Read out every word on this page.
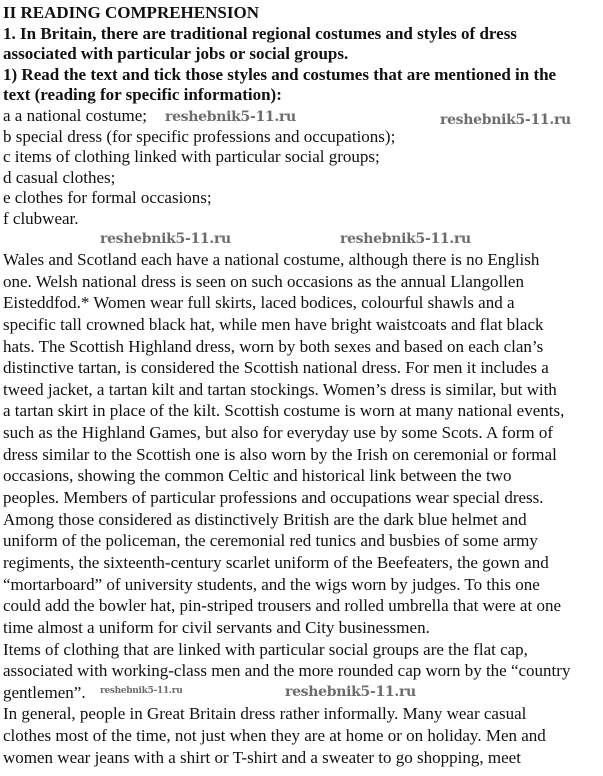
II READING COMPREHENSION
1. In Britain, there are traditional regional costumes and styles of dress
associated with particular jobs or social groups.
1) Read the text and tick those styles and costumes that are mentioned in the
text (reading for specific information):
a a national costume;
b special dress (for specific professions and occupations);
c items of clothing linked with particular social groups;
d casual clothes;
e clothes for formal occasions;
f clubwear.
Wales and Scotland each have a national costume, although there is no English
one. Welsh national dress is seen on such occasions as the annual Llangollen
Eisteddfod.* Women wear full skirts, laced bodices, colourful shawls and a
specific tall crowned black hat, while men have bright waistcoats and flat black
hats. The Scottish Highland dress, worn by both sexes and based on each clan’s
distinctive tartan, is considered the Scottish national dress. For men it includes a
tweed jacket, a tartan kilt and tartan stockings. Women’s dress is similar, but with
a tartan skirt in place of the kilt. Scottish costume is worn at many national events,
such as the Highland Games, but also for everyday use by some Scots. A form of
dress similar to the Scottish one is also worn by the Irish on ceremonial or formal
occasions, showing the common Celtic and historical link between the two
peoples. Members of particular professions and occupations wear special dress.
Among those considered as distinctively British are the dark blue helmet and
uniform of the policeman, the ceremonial red tunics and busbies of some army
regiments, the sixteenth-century scarlet uniform of the Beefeaters, the gown and
“mortarboard” of university students, and the wigs worn by judges. To this one
could add the bowler hat, pin-striped trousers and rolled umbrella that were at one
time almost a uniform for civil servants and City businessmen.
Items of clothing that are linked with particular social groups are the flat cap,
associated with working-class men and the more rounded cap worn by the “country
gentlemen”.
In general, people in Great Britain dress rather informally. Many wear casual
clothes most of the time, not just when they are at home or on holiday. Men and
women wear jeans with a shirt or T-shirt and a sweater to go shopping, meet
reshebnik5-11.ru	reshebnik5-11.ru
reshebnik5-11.ru	reshebnik5-11.ru
reshebnik5-11.ru	reshebnik5-11.ru
